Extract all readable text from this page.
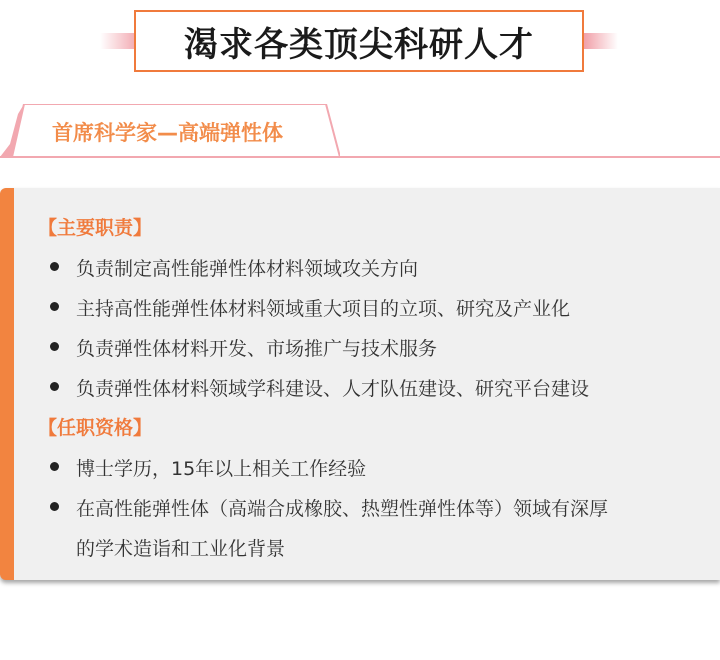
渴求各类顶尖科研人才
首席科学家—高端弹性体
【主要职责】
负责制定高性能弹性体材料领域攻关方向
主持高性能弹性体材料领域重大项目的立项、研究及产业化
负责弹性体材料开发、市场推广与技术服务
负责弹性体材料领域学科建设、人才队伍建设、研究平台建设
【任职资格】
博士学历，15年以上相关工作经验
在高性能弹性体（高端合成橡胶、热塑性弹性体等）领域有深厚
的学术造诣和工业化背景
